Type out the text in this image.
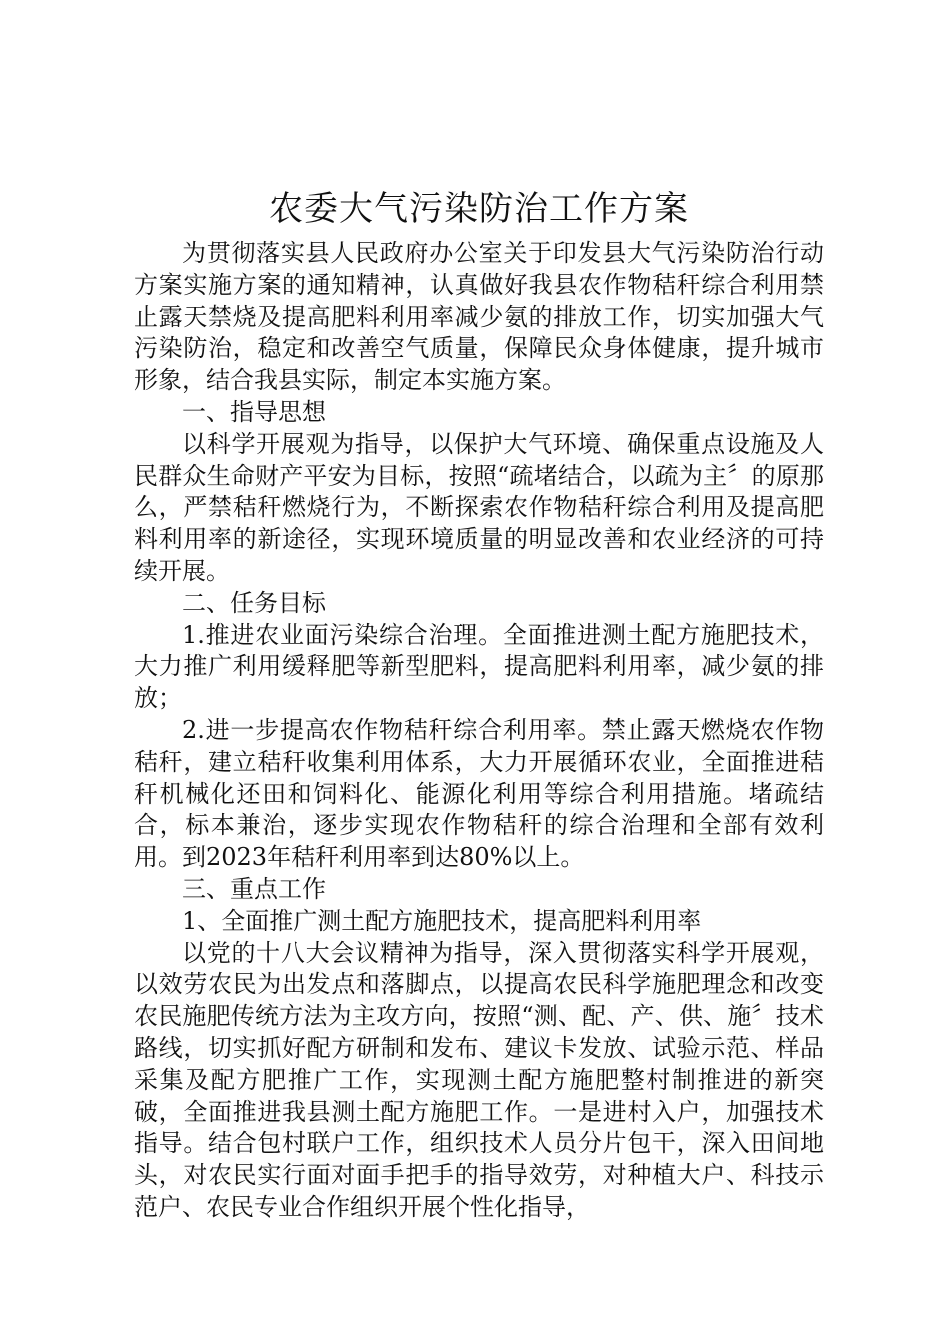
农委大气污染防治工作方案

为贯彻落实县人民政府办公室关于印发县大气污染防治行动方案实施方案的通知精神，认真做好我县农作物秸秆综合利用禁止露天禁烧及提高肥料利用率减少氨的排放工作，切实加强大气污染防治，稳定和改善空气质量，保障民众身体健康，提升城市形象，结合我县实际，制定本实施方案。

一、指导思想

以科学开展观为指导，以保护大气环境、确保重点设施及人民群众生命财产平安为目标，按照“疏堵结合，以疏为主〞的原那么，严禁秸秆燃烧行为，不断探索农作物秸秆综合利用及提高肥料利用率的新途径，实现环境质量的明显改善和农业经济的可持续开展。

二、任务目标

1.推进农业面污染综合治理。全面推进测土配方施肥技术，大力推广利用缓释肥等新型肥料，提高肥料利用率，减少氨的排放；

2.进一步提高农作物秸秆综合利用率。禁止露天燃烧农作物秸秆，建立秸秆收集利用体系，大力开展循环农业，全面推进秸秆机械化还田和饲料化、能源化利用等综合利用措施。堵疏结合，标本兼治，逐步实现农作物秸秆的综合治理和全部有效利用。到2023年秸秆利用率到达80%以上。

三、重点工作

1、全面推广测土配方施肥技术，提高肥料利用率

以党的十八大会议精神为指导，深入贯彻落实科学开展观，以效劳农民为出发点和落脚点，以提高农民科学施肥理念和改变农民施肥传统方法为主攻方向，按照“测、配、产、供、施〞技术路线，切实抓好配方研制和发布、建议卡发放、试验示范、样品采集及配方肥推广工作，实现测土配方施肥整村制推进的新突破，全面推进我县测土配方施肥工作。一是进村入户，加强技术指导。结合包村联户工作，组织技术人员分片包干，深入田间地头，对农民实行面对面手把手的指导效劳，对种植大户、科技示范户、农民专业合作组织开展个性化指导，
